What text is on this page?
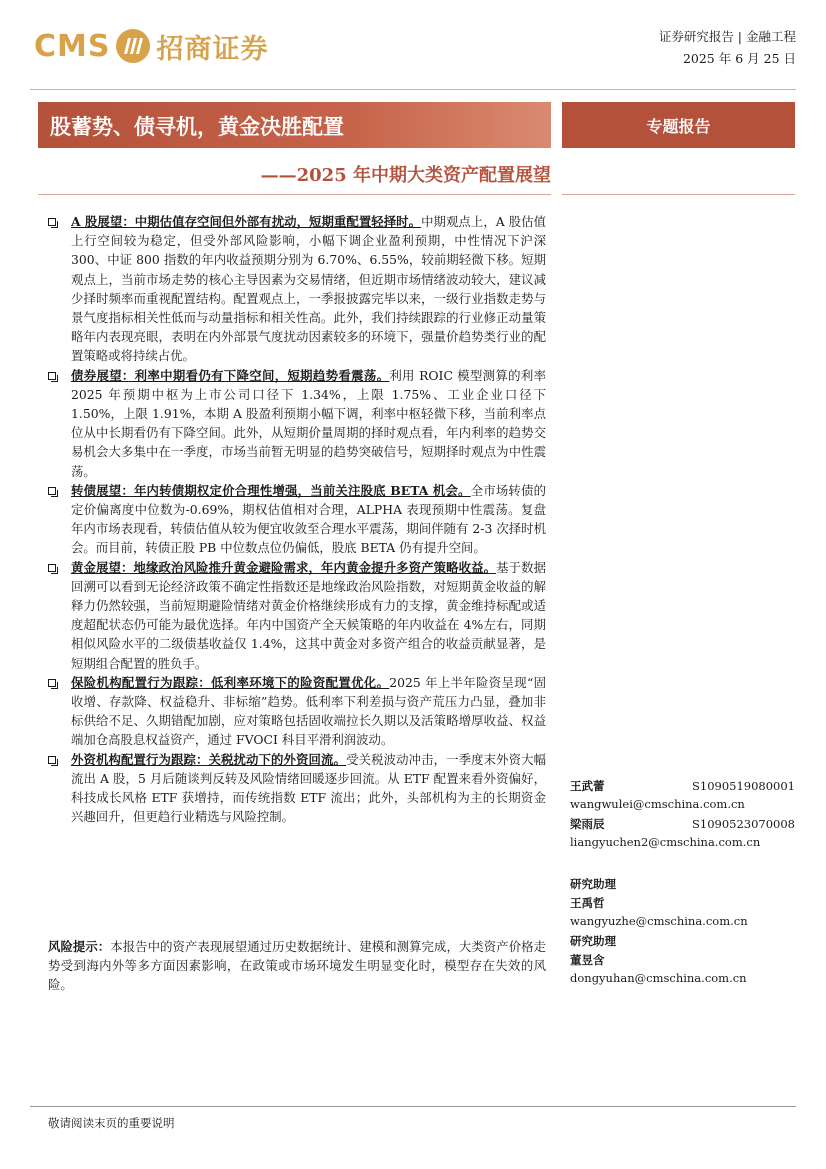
CMS 招商证券	证券研究报告 | 金融工程
2025 年 6 月 25 日
股蓄势、债寻机，黄金决胜配置	专题报告
——2025 年中期大类资产配置展望
A 股展望：中期估值存空间但外部有扰动，短期重配置轻择时。中期观点上，A 股估值上行空间较为稳定，但受外部风险影响，小幅下调企业盈利预期，中性情况下沪深 300、中证 800 指数的年内收益预期分别为 6.70%、6.55%，较前期轻微下移。短期观点上，当前市场走势的核心主导因素为交易情绪，但近期市场情绪波动较大，建议减少择时频率而重视配置结构。配置观点上，一季报披露完毕以来，一级行业指数走势与景气度指标相关性低而与动量指标和相关性高。此外，我们持续跟踪的行业修正动量策略年内表现亮眼，表明在内外部景气度扰动因素较多的环境下，强量价趋势类行业的配置策略或将持续占优。
债券展望：利率中期看仍有下降空间，短期趋势看震荡。利用 ROIC 模型测算的利率 2025 年预期中枢为上市公司口径下 1.34%，上限 1.75%、工业企业口径下 1.50%，上限 1.91%，本期 A 股盈利预期小幅下调，利率中枢轻微下移，当前利率点位从中长期看仍有下降空间。此外，从短期价量周期的择时观点看，年内利率的趋势交易机会大多集中在一季度，市场当前暂无明显的趋势突破信号，短期择时观点为中性震荡。
转债展望：年内转债期权定价合理性增强，当前关注股底 BETA 机会。全市场转债的定价偏离度中位数为-0.69%，期权估值相对合理，ALPHA 表现预期中性震荡。复盘年内市场表现看，转债估值从较为便宜收敛至合理水平震荡，期间伴随有 2-3 次择时机会。而目前，转债正股 PB 中位数点位仍偏低，股底 BETA 仍有提升空间。
黄金展望：地缘政治风险推升黄金避险需求，年内黄金提升多资产策略收益。基于数据回溯可以看到无论经济政策不确定性指数还是地缘政治风险指数，对短期黄金收益的解释力仍然较强，当前短期避险情绪对黄金价格继续形成有力的支撑，黄金维持标配或适度超配状态仍可能为最优选择。年内中国资产全天候策略的年内收益在 4%左右，同期相似风险水平的二级债基收益仅 1.4%，这其中黄金对多资产组合的收益贡献显著，是短期组合配置的胜负手。
保险机构配置行为跟踪：低利率环境下的险资配置优化。2025 年上半年险资呈现“固收增、存款降、权益稳升、非标缩”趋势。低利率下利差损与资产荒压力凸显，叠加非标供给不足、久期错配加剧，应对策略包括固收端拉长久期以及活策略增厚收益、权益端加仓高股息权益资产，通过 FVOCI 科目平滑利润波动。
外资机构配置行为跟踪：关税扰动下的外资回流。受关税波动冲击，一季度末外资大幅流出 A 股，5 月后随谈判反转及风险情绪回暖逐步回流。从 ETF 配置来看外资偏好，科技成长风格 ETF 获增持，而传统指数 ETF 流出；此外，头部机构为主的长期资金兴趣回升，但更趋行业精选与风险控制。
风险提示：本报告中的资产表现展望通过历史数据统计、建模和测算完成，大类资产价格走势受到海内外等多方面因素影响，在政策或市场环境发生明显变化时，模型存在失效的风险。
王武蕾	S1090519080001
wangwulei@cmschina.com.cn
梁雨辰	S1090523070008
liangyuchen2@cmschina.com.cn
研究助理
王禹哲
wangyuzhe@cmschina.com.cn
研究助理
董昱含
dongyuhan@cmschina.com.cn
敬请阅读末页的重要说明
